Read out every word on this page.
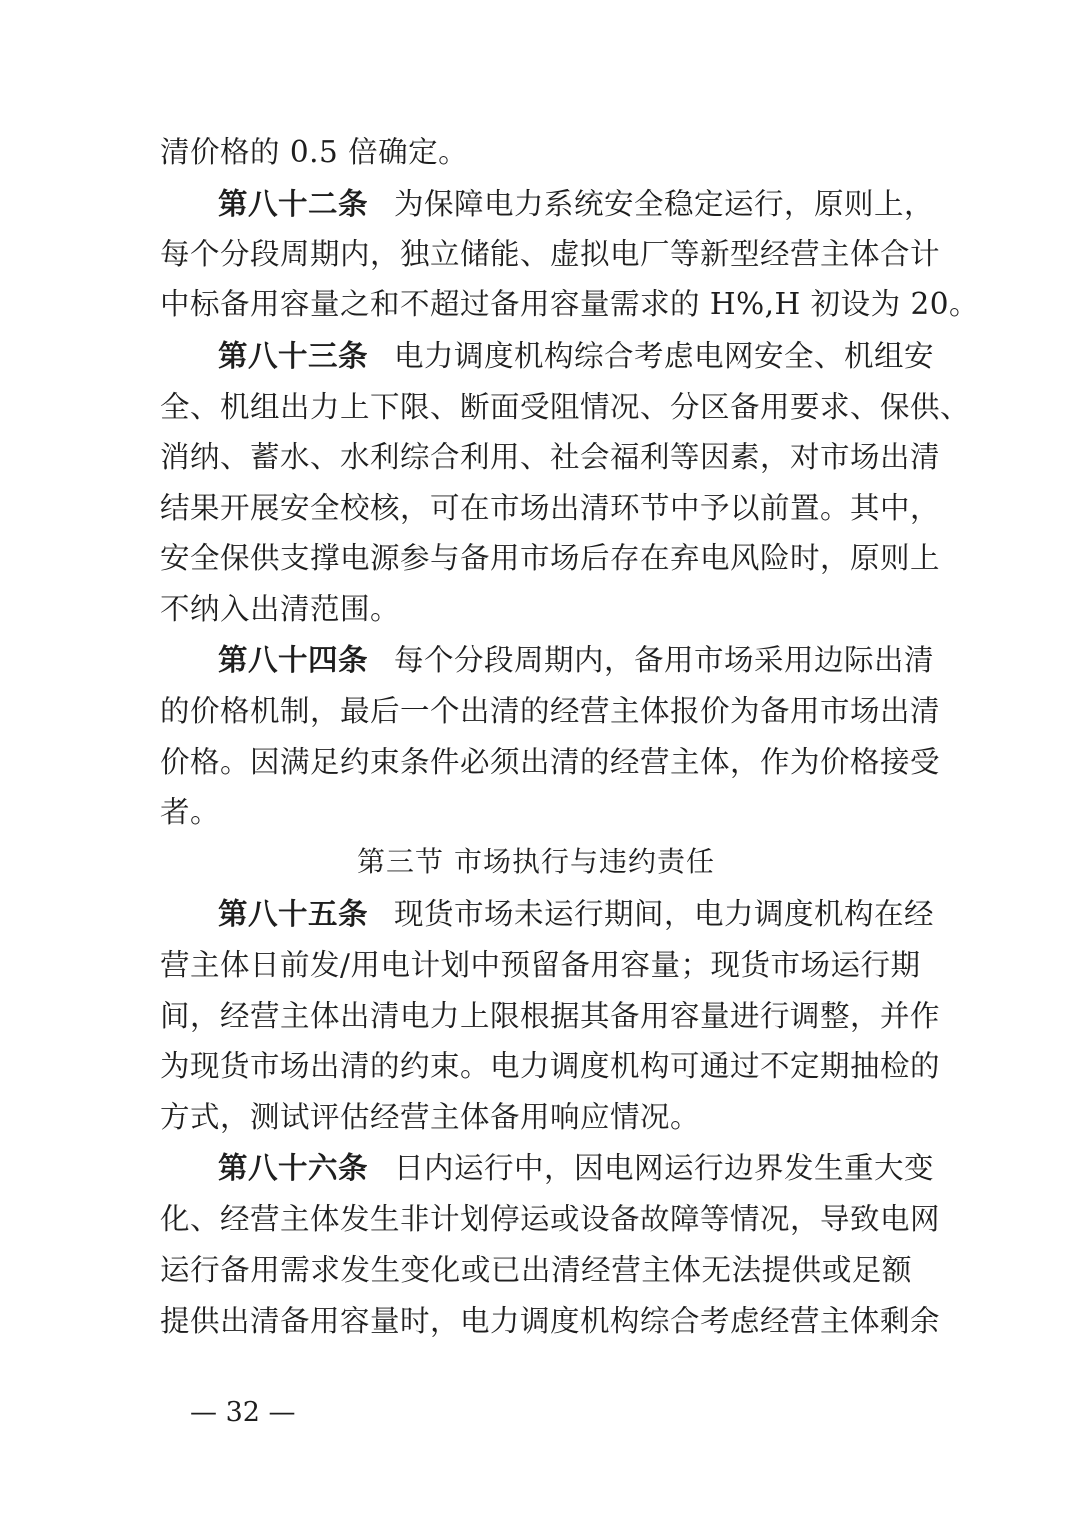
清价格的 0.5 倍确定。
第八十二条 为保障电力系统安全稳定运行，原则上，
每个分段周期内，独立储能、虚拟电厂等新型经营主体合计
中标备用容量之和不超过备用容量需求的 H%,H 初设为 20。
第八十三条 电力调度机构综合考虑电网安全、机组安
全、机组出力上下限、断面受阻情况、分区备用要求、保供、
消纳、蓄水、水利综合利用、社会福利等因素，对市场出清
结果开展安全校核，可在市场出清环节中予以前置。其中，
安全保供支撑电源参与备用市场后存在弃电风险时，原则上
不纳入出清范围。
第八十四条 每个分段周期内，备用市场采用边际出清
的价格机制，最后一个出清的经营主体报价为备用市场出清
价格。因满足约束条件必须出清的经营主体，作为价格接受
者。
第三节 市场执行与违约责任
第八十五条 现货市场未运行期间，电力调度机构在经
营主体日前发/用电计划中预留备用容量；现货市场运行期
间，经营主体出清电力上限根据其备用容量进行调整，并作
为现货市场出清的约束。电力调度机构可通过不定期抽检的
方式，测试评估经营主体备用响应情况。
第八十六条 日内运行中，因电网运行边界发生重大变
化、经营主体发生非计划停运或设备故障等情况，导致电网
运行备用需求发生变化或已出清经营主体无法提供或足额
提供出清备用容量时，电力调度机构综合考虑经营主体剩余
— 32 —
